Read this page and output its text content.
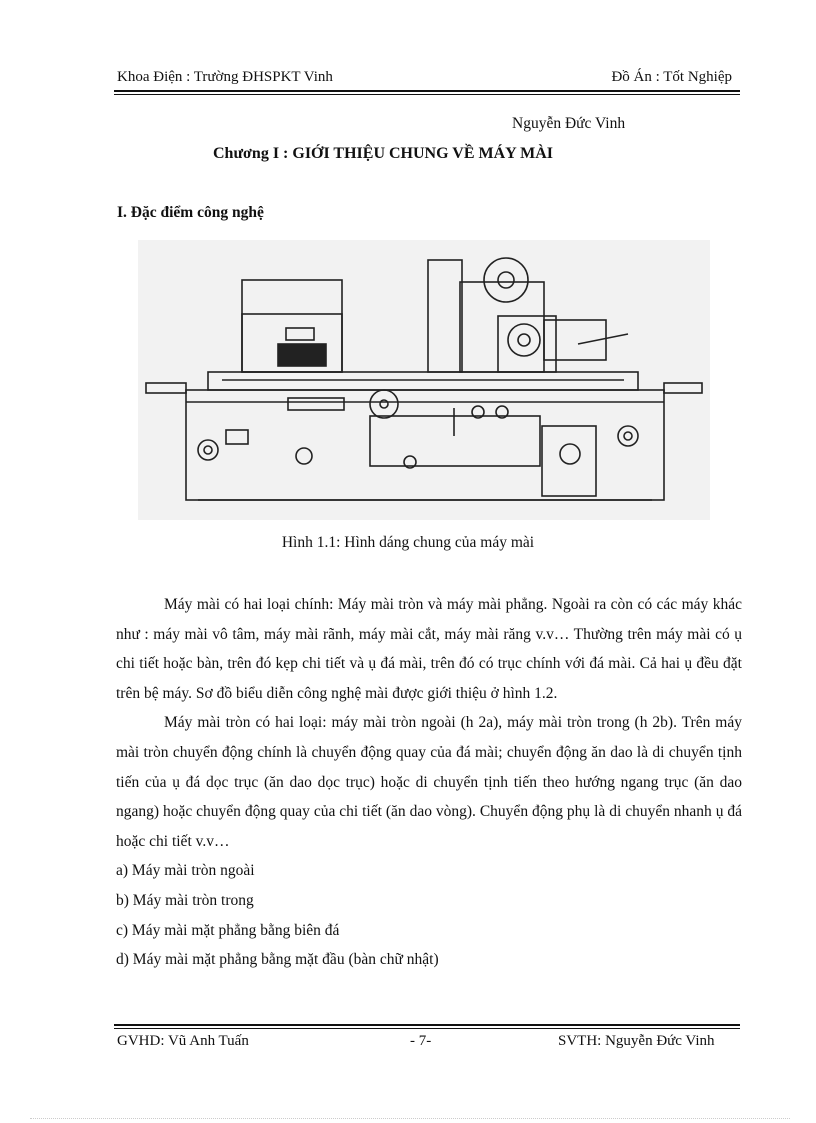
Khoa Điện : Trường ĐHSPKT Vinh	Đồ Án : Tốt Nghiệp
Nguyễn Đức Vinh
Chương I : GIỚI THIỆU CHUNG VỀ MÁY MÀI
I. Đặc điểm công nghệ
Hình 1.1: Hình dáng chung của máy mài

Máy mài có hai loại chính: Máy mài tròn và máy mài phẳng. Ngoài ra còn có các máy khác như : máy mài vô tâm, máy mài rãnh, máy mài cắt, máy mài răng v.v… Thường trên máy mài có ụ chi tiết hoặc bàn, trên đó kẹp chi tiết và ụ đá mài, trên đó có trục chính với đá mài. Cả hai ụ đều đặt trên bệ máy. Sơ đồ biểu diễn công nghệ mài được giới thiệu ở hình 1.2.

Máy mài tròn có hai loại: máy mài tròn ngoài (h 2a), máy mài tròn trong (h 2b). Trên máy mài tròn chuyển động chính là chuyển động quay của đá mài; chuyển động ăn dao là di chuyển tịnh tiến của ụ đá dọc trục (ăn dao dọc trục) hoặc di chuyển tịnh tiến theo hướng ngang trục (ăn dao ngang) hoặc chuyển động quay của chi tiết (ăn dao vòng). Chuyển động phụ là di chuyển nhanh ụ đá hoặc chi tiết v.v…

a) Máy mài tròn ngoài

b) Máy mài tròn trong

c) Máy mài mặt phẳng bằng biên đá

d) Máy mài mặt phẳng bằng mặt đầu (bàn chữ nhật)

GVHD: Vũ Anh Tuấn	- 7-	SVTH: Nguyễn Đức Vinh
